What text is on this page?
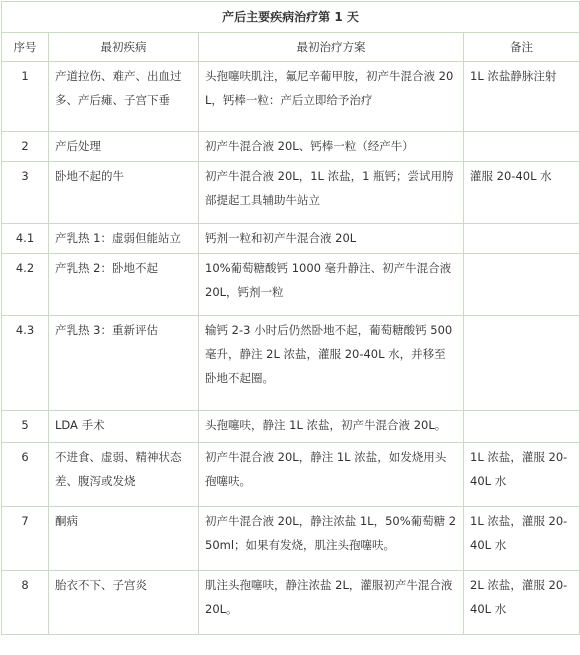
产后主要疾病治疗第 1 天			
序号	最初疾病	最初治疗方案	备注
1	产道拉伤、难产、出血过多、产后瘫、子宫下垂	头孢噻呋肌注，氟尼辛葡甲胺，初产牛混合液 20L，钙棒一粒：产后立即给予治疗	1L 浓盐静脉注射
2	产后处理	初产牛混合液 20L、钙棒一粒（经产牛）	
3	卧地不起的牛	初产牛混合液 20L，1L 浓盐，1 瓶钙；尝试用胯部提起工具辅助牛站立	灌服 20-40L 水
4.1	产乳热 1：虚弱但能站立	钙剂一粒和初产牛混合液 20L	
4.2	产乳热 2：卧地不起	10%葡萄糖酸钙 1000 毫升静注、初产牛混合液 20L，钙剂一粒	
4.3	产乳热 3：重新评估	输钙 2-3 小时后仍然卧地不起，葡萄糖酸钙 500 毫升，静注 2L 浓盐，灌服 20-40L 水，并移至卧地不起圈。	
5	LDA 手术	头孢噻呋，静注 1L 浓盐，初产牛混合液 20L。	
6	不进食、虚弱、精神状态差、腹泻或发烧	初产牛混合液 20L，静注 1L 浓盐，如发烧用头孢噻呋。	1L 浓盐，灌服 20-40L 水
7	酮病	初产牛混合液 20L，静注浓盐 1L，50%葡萄糖 250ml；如果有发烧，肌注头孢噻呋。	1L 浓盐，灌服 20-40L 水
8	胎衣不下、子宫炎	肌注头孢噻呋，静注浓盐 2L，灌服初产牛混合液 20L。	2L 浓盐，灌服 20-40L 水
